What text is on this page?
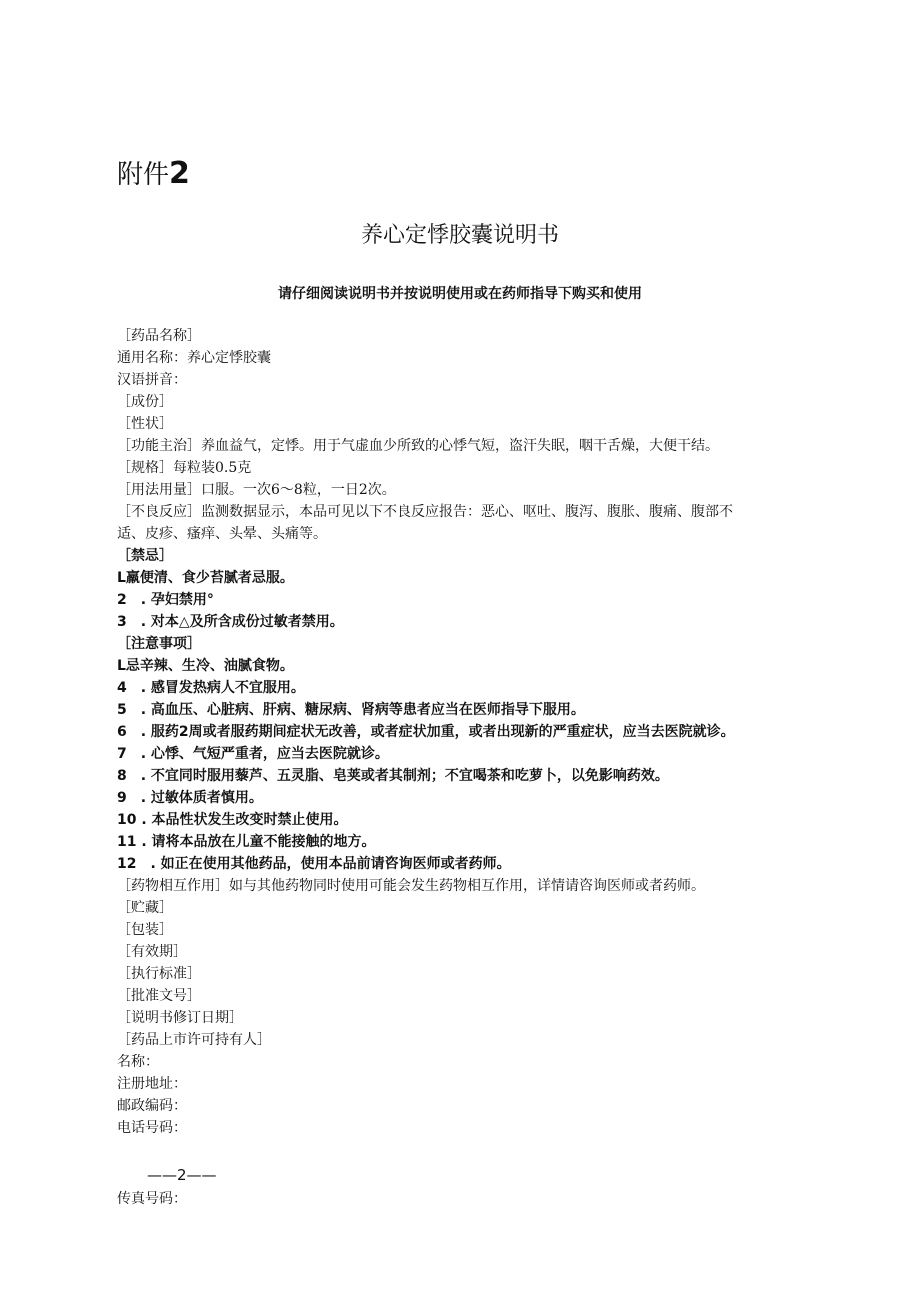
附件2
养心定悸胶囊说明书
请仔细阅读说明书并按说明使用或在药师指导下购买和使用
［药品名称］
通用名称：养心定悸胶囊
汉语拼音：
［成份］
［性状］
［功能主治］养血益气，定悸。用于气虚血少所致的心悸气短，盗汗失眠，咽干舌燥，大便干结。
［规格］每粒装0.5克
［用法用量］口服。一次6〜8粒，一日2次。
［不良反应］监测数据显示，本品可见以下不良反应报告：恶心、呕吐、腹泻、腹胀、腹痛、腹部不
适、皮疹、瘙痒、头晕、头痛等。
［禁忌］
L羸便清、食少苔腻者忌服。
2　. 孕妇禁用°
3　. 对本△及所含成份过敏者禁用。
［注意事项］
L忌辛辣、生冷、油腻食物。
4　. 感冒发热病人不宜服用。
5　. 高血压、心脏病、肝病、糖尿病、肾病等患者应当在医师指导下服用。
6　. 服药2周或者服药期间症状无改善，或者症状加重，或者出现新的严重症状，应当去医院就诊。
7　. 心悸、气短严重者，应当去医院就诊。
8　. 不宜同时服用藜芦、五灵脂、皂荚或者其制剂；不宜喝茶和吃萝卜，以免影响药效。
9　. 过敏体质者慎用。
10 . 本品性状发生改变时禁止使用。
11 . 请将本品放在儿童不能接触的地方。
12　. 如正在使用其他药品，使用本品前请咨询医师或者药师。
［药物相互作用］如与其他药物同时使用可能会发生药物相互作用，详情请咨询医师或者药师。
［贮藏］
［包装］
［有效期］
［执行标准］
［批准文号］
［说明书修订日期］
［药品上市许可持有人］
名称：
注册地址：
邮政编码：
电话号码：
——2——
传真号码：
